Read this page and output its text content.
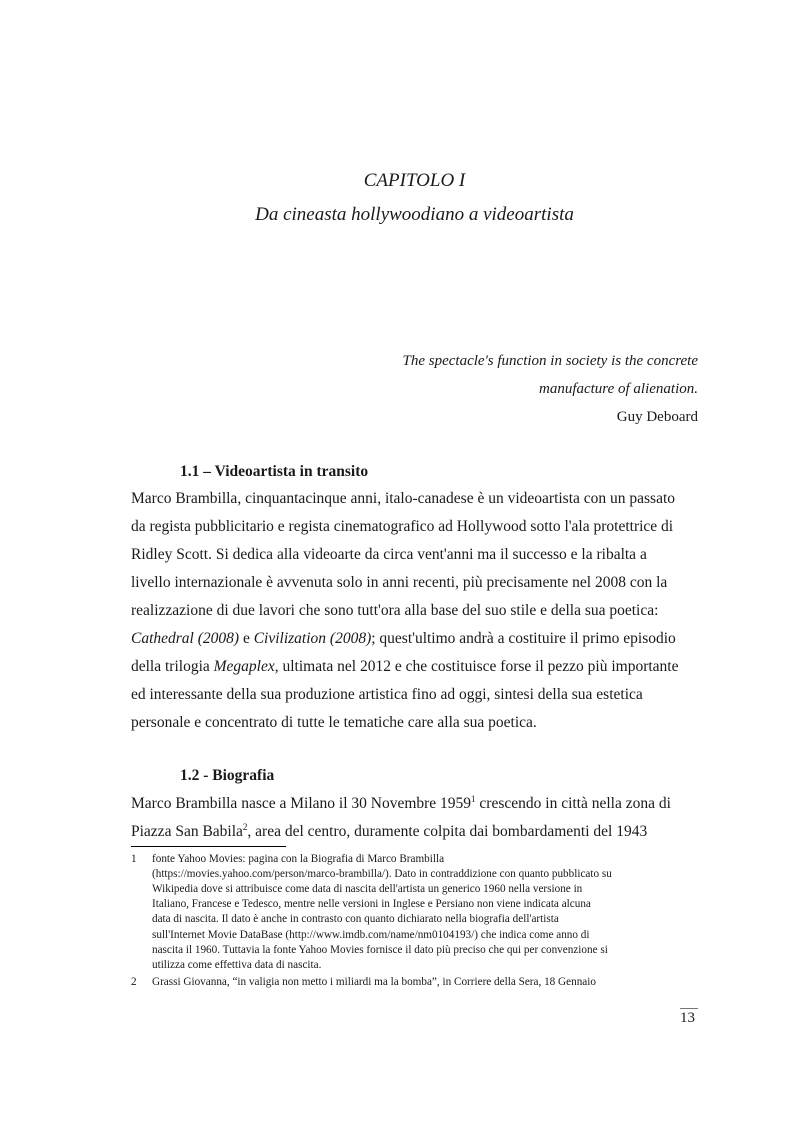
CAPITOLO I
Da cineasta hollywoodiano a videoartista
The spectacle's function in society is the concrete
manufacture of alienation.
Guy Deboard
1.1 – Videoartista in transito
Marco Brambilla, cinquantacinque anni, italo-canadese è un videoartista con un passato
da regista pubblicitario e regista cinematografico ad Hollywood sotto l'ala protettrice di
Ridley Scott. Si dedica alla videoarte da circa vent'anni ma il successo e la ribalta a
livello internazionale è avvenuta solo in anni recenti, più precisamente nel 2008 con la
realizzazione di due lavori che sono tutt'ora alla base del suo stile e della sua poetica:
Cathedral (2008) e Civilization (2008); quest'ultimo andrà a costituire il primo episodio
della trilogia Megaplex, ultimata nel 2012 e che costituisce forse il pezzo più importante
ed interessante della sua produzione artistica fino ad oggi, sintesi della sua estetica
personale e concentrato di tutte le tematiche care alla sua poetica.
1.2 - Biografia
Marco Brambilla nasce a Milano il 30 Novembre 1959$^1$ crescendo in città nella zona di
Piazza San Babila$^2$, area del centro, duramente colpita dai bombardamenti del 1943
1 fonte Yahoo Movies: pagina con la Biografia di Marco Brambilla
(https://movies.yahoo.com/person/marco-brambilla/). Dato in contraddizione con quanto pubblicato su
Wikipedia dove si attribuisce come data di nascita dell'artista un generico 1960 nella versione in
Italiano, Francese e Tedesco, mentre nelle versioni in Inglese e Persiano non viene indicata alcuna
data di nascita. Il dato è anche in contrasto con quanto dichiarato nella biografia dell'artista
sull'Internet Movie DataBase (http://www.imdb.com/name/nm0104193/) che indica come anno di
nascita il 1960. Tuttavia la fonte Yahoo Movies fornisce il dato più preciso che qui per convenzione si
utilizza come effettiva data di nascita.
2 Grassi Giovanna, “in valigia non metto i miliardi ma la bomba”, in Corriere della Sera, 18 Gennaio
13
